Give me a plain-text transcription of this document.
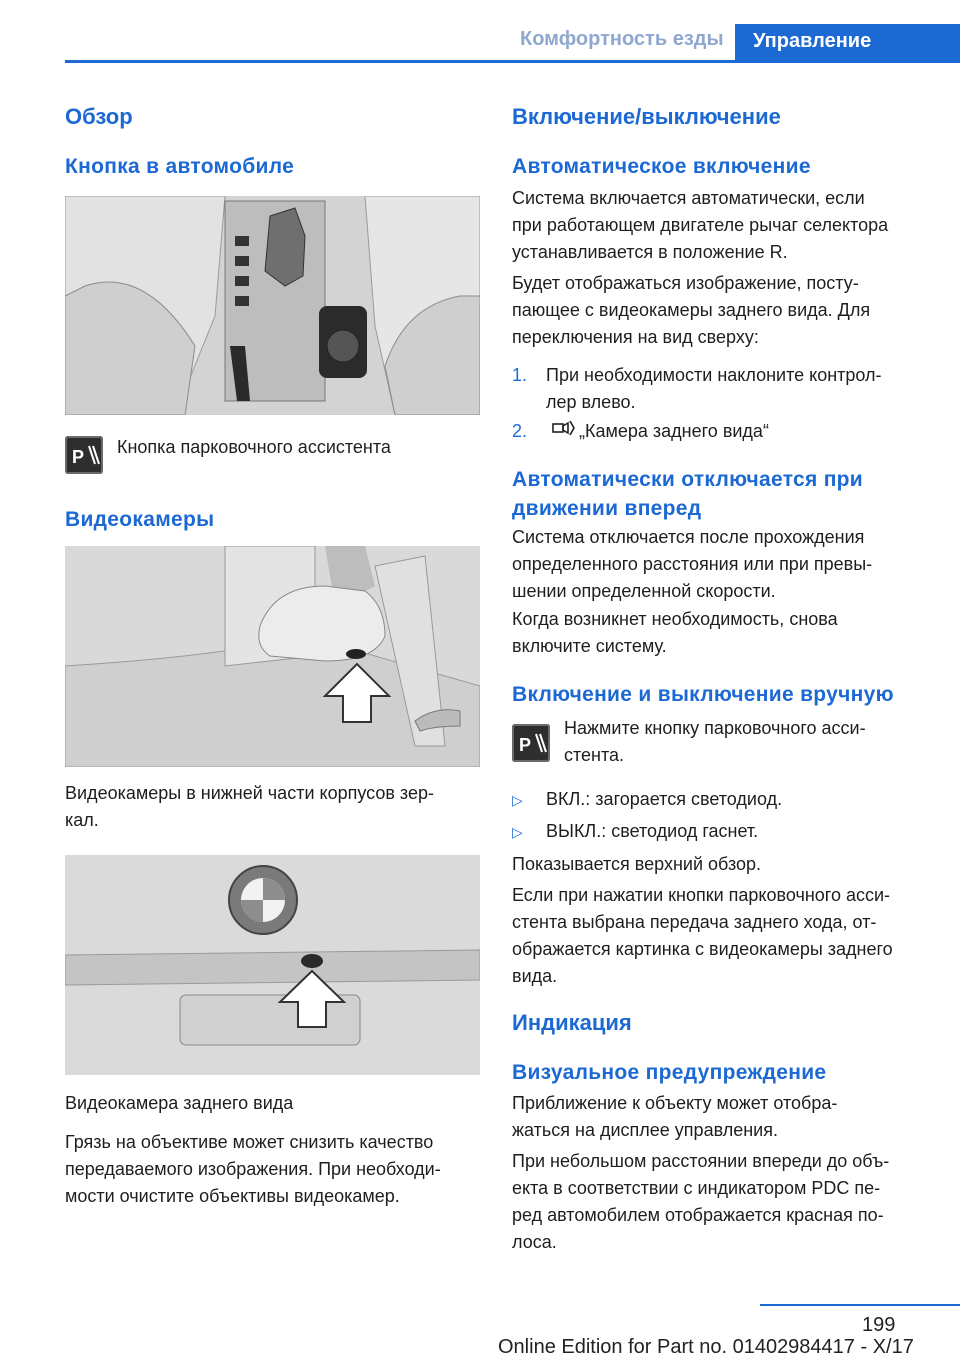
Комфортность езды	Управление
Обзор
Кнопка в автомобиле
P Кнопка парковочного ассистента
Видеокамеры
Видеокамеры в нижней части корпусов зер‐
кал.
Видеокамера заднего вида
Грязь на объективе может снизить качество
передаваемого изображения. При необходи‐
мости очистите объективы видеокамер.
Включение/выключение
Автоматическое включение
Система включается автоматически, если
при работающем двигателе рычаг селектора
устанавливается в положение R.
Будет отображаться изображение, посту‐
пающее с видеокамеры заднего вида. Для
переключения на вид сверху:
1. При необходимости наклоните контрол‐
лер влево.
2.	„Камера заднего вида“
Автоматически отключается при
движении вперед
Система отключается после прохождения
определенного расстояния или при превы‐
шении определенной скорости.
Когда возникнет необходимость, снова
включите систему.
Включение и выключение вручную
P
Нажмите кнопку парковочного асси‐
стента.
▷ ВКЛ.: загорается светодиод.
▷ ВЫКЛ.: светодиод гаснет.
Показывается верхний обзор.
Если при нажатии кнопки парковочного асси‐
стента выбрана передача заднего хода, от‐
ображается картинка с видеокамеры заднего
вида.
Индикация
Визуальное предупреждение
Приближение к объекту может отобра‐
жаться на дисплее управления.
При небольшом расстоянии впереди до объ‐
екта в соответствии с индикатором PDC пе‐
ред автомобилем отображается красная по‐
лоса.
199
Online Edition for Part no. 01402984417 - X/17
